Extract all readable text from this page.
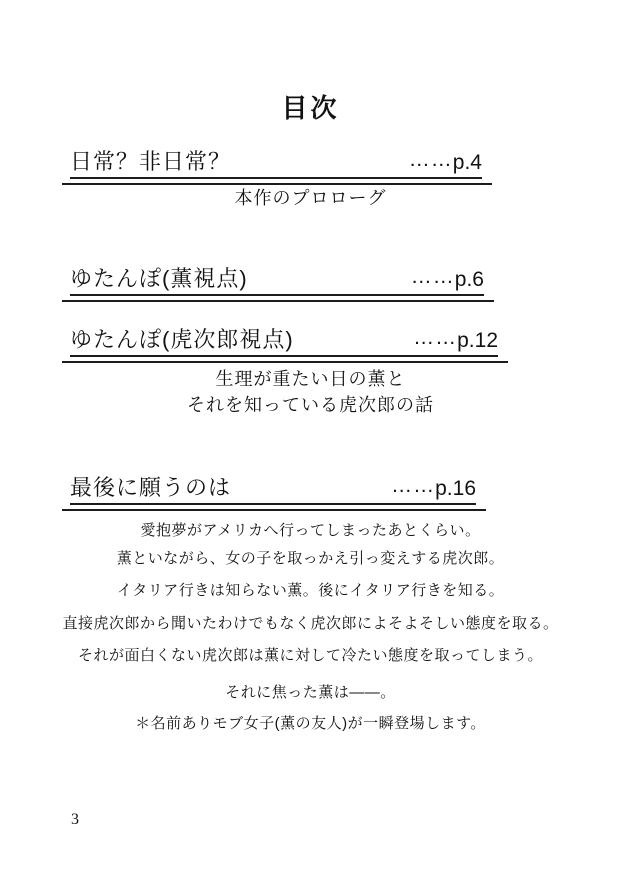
目次
日常？非日常？	……p.4
本作のプロローグ
ゆたんぽ(薫視点)	……p.6
ゆたんぽ(虎次郎視点)	……p.12
生理が重たい日の薫と
それを知っている虎次郎の話
最後に願うのは	……p.16
愛抱夢がアメリカへ行ってしまったあとくらい。
薫といながら、女の子を取っかえ引っ変えする虎次郎。
イタリア行きは知らない薫。後にイタリア行きを知る。
直接虎次郎から聞いたわけでもなく虎次郎によそよそしい態度を取る。
それが面白くない虎次郎は薫に対して冷たい態度を取ってしまう。
それに焦った薫は――。
＊名前ありモブ女子(薫の友人)が一瞬登場します。
3
